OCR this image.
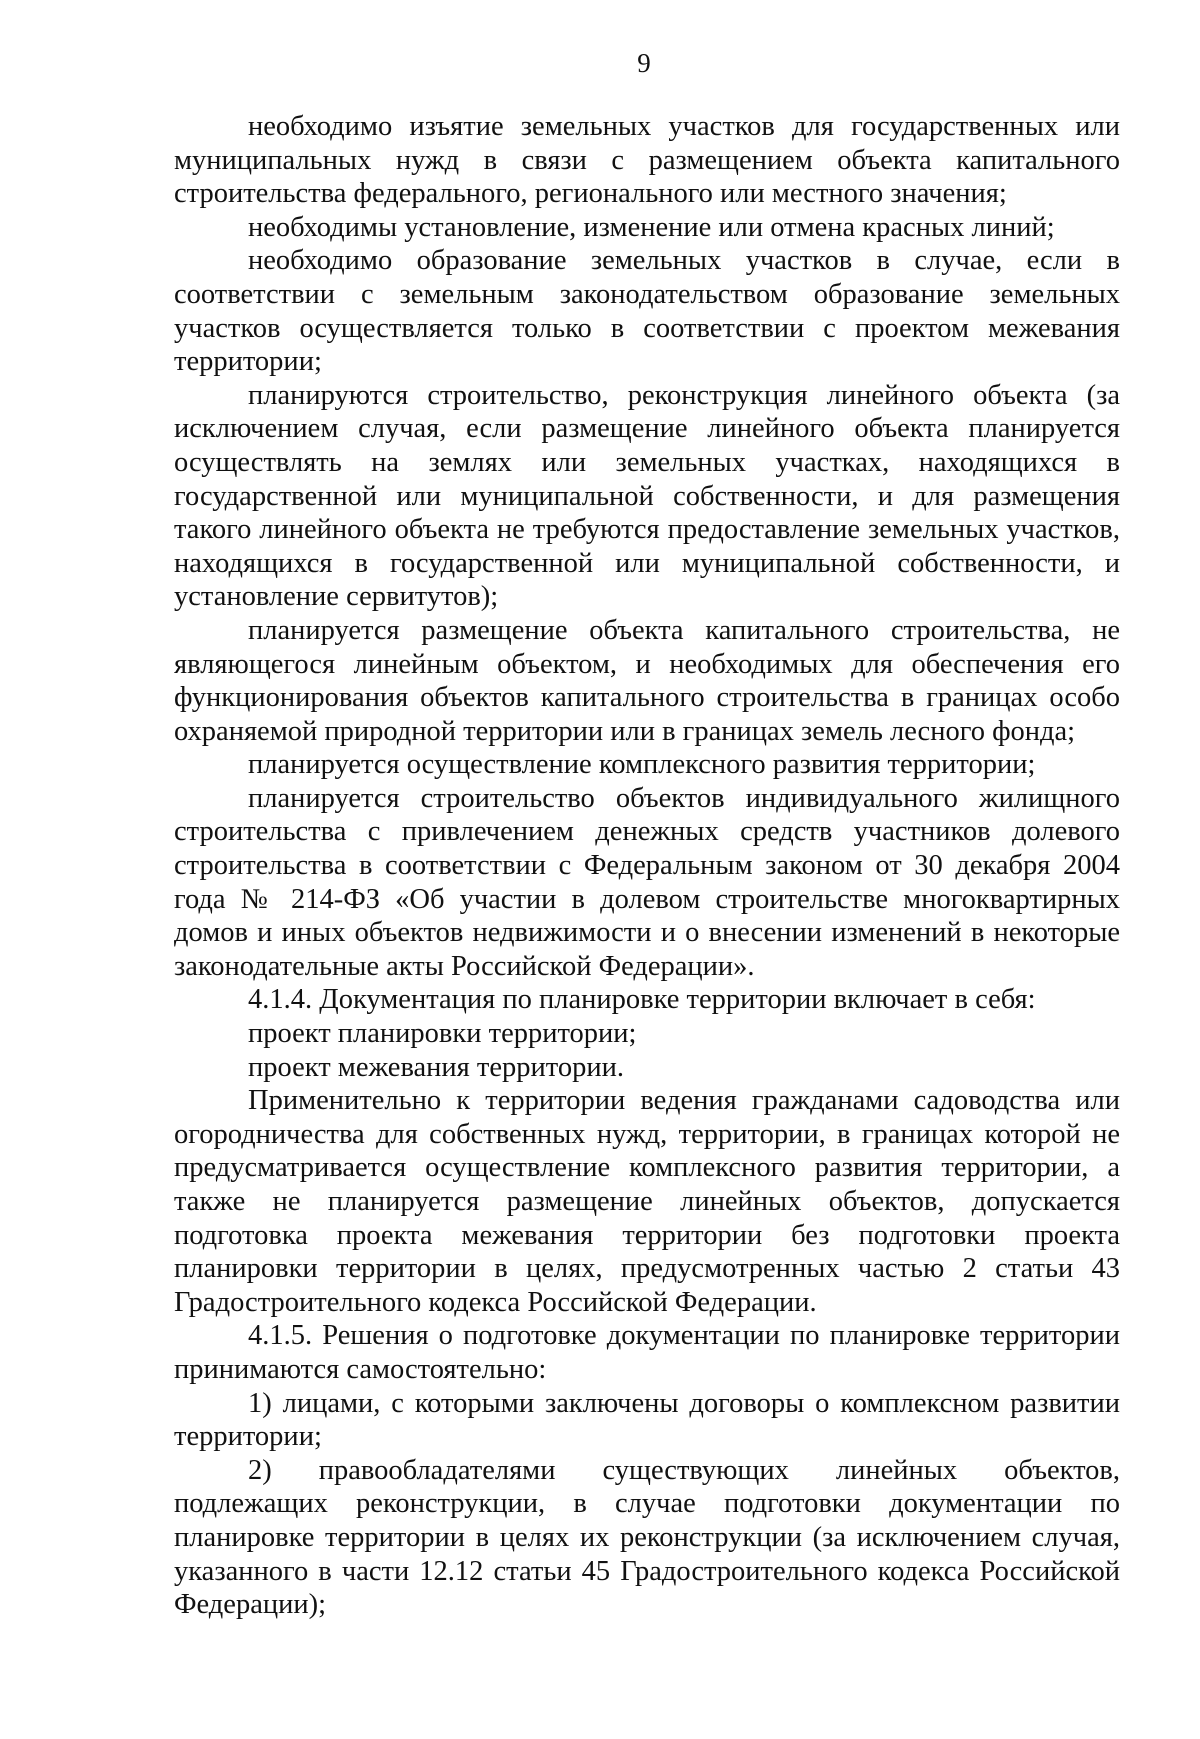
9

необходимо изъятие земельных участков для государственных или муниципальных нужд в связи с размещением объекта капитального строительства федерального, регионального или местного значения;

необходимы установление, изменение или отмена красных линий;

необходимо образование земельных участков в случае, если в соответствии с земельным законодательством образование земельных участков осуществляется только в соответствии с проектом межевания территории;

планируются строительство, реконструкция линейного объекта (за исключением случая, если размещение линейного объекта планируется осуществлять на землях или земельных участках, находящихся в государственной или муниципальной собственности, и для размещения такого линейного объекта не требуются предоставление земельных участков, находящихся в государственной или муниципальной собственности, и установление сервитутов);

планируется размещение объекта капитального строительства, не являющегося линейным объектом, и необходимых для обеспечения его функционирования объектов капитального строительства в границах особо охраняемой природной территории или в границах земель лесного фонда;

планируется осуществление комплексного развития территории;

планируется строительство объектов индивидуального жилищного строительства с привлечением денежных средств участников долевого строительства в соответствии с Федеральным законом от 30 декабря 2004 года № 214-ФЗ «Об участии в долевом строительстве многоквартирных домов и иных объектов недвижимости и о внесении изменений в некоторые законодательные акты Российской Федерации».

4.1.4. Документация по планировке территории включает в себя:

проект планировки территории;

проект межевания территории.

Применительно к территории ведения гражданами садоводства или огородничества для собственных нужд, территории, в границах которой не предусматривается осуществление комплексного развития территории, а также не планируется размещение линейных объектов, допускается подготовка проекта межевания территории без подготовки проекта планировки территории в целях, предусмотренных частью 2 статьи 43 Градостроительного кодекса Российской Федерации.

4.1.5. Решения о подготовке документации по планировке территории принимаются самостоятельно:

1) лицами, с которыми заключены договоры о комплексном развитии территории;

2) правообладателями существующих линейных объектов, подлежащих реконструкции, в случае подготовки документации по планировке территории в целях их реконструкции (за исключением случая, указанного в части 12.12 статьи 45 Градостроительного кодекса Российской Федерации);
